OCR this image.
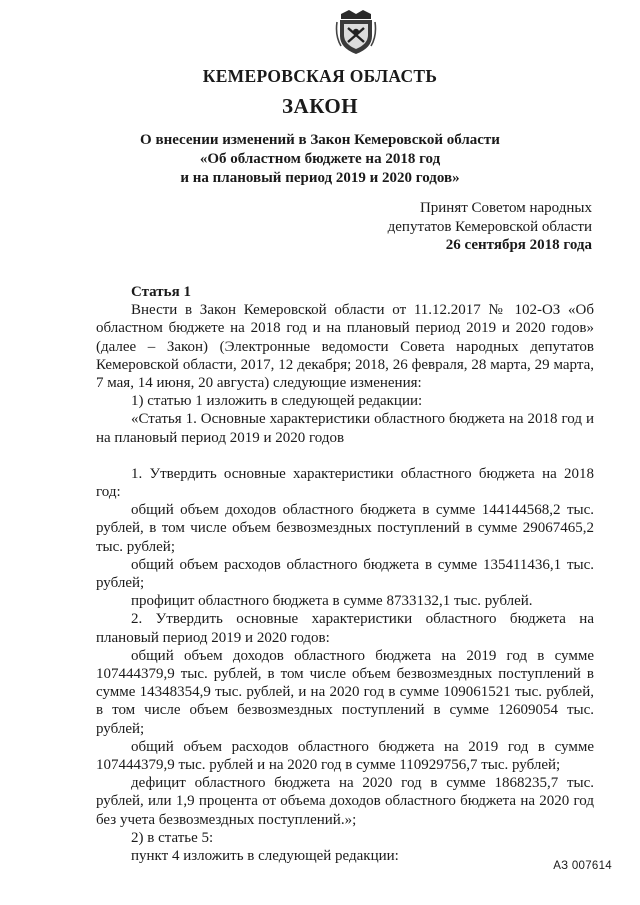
КЕМЕРОВСКАЯ ОБЛАСТЬ
ЗАКОН
О внесении изменений в Закон Кемеровской области
«Об областном бюджете на 2018 год
и на плановый период 2019 и 2020 годов»
Принят Советом народных
депутатов Кемеровской области
26 сентября 2018 года

Статья 1

Внести в Закон Кемеровской области от 11.12.2017 № 102-ОЗ «Об областном бюджете на 2018 год и на плановый период 2019 и 2020 годов» (далее – Закон) (Электронные ведомости Совета народных депутатов Кемеровской области, 2017, 12 декабря; 2018, 26 февраля, 28 марта, 29 марта, 7 мая, 14 июня, 20 августа) следующие изменения:

1) статью 1 изложить в следующей редакции:

«Статья 1. Основные характеристики областного бюджета на 2018 год и на плановый период 2019 и 2020 годов

1. Утвердить основные характеристики областного бюджета на 2018 год:

общий объем доходов областного бюджета в сумме 144144568,2 тыс. рублей, в том числе объем безвозмездных поступлений в сумме 29067465,2 тыс. рублей;

общий объем расходов областного бюджета в сумме 135411436,1 тыс. рублей;

профицит областного бюджета в сумме 8733132,1 тыс. рублей.

2. Утвердить основные характеристики областного бюджета на плановый период 2019 и 2020 годов:

общий объем доходов областного бюджета на 2019 год в сумме 107444379,9 тыс. рублей, в том числе объем безвозмездных поступлений в сумме 14348354,9 тыс. рублей, и на 2020 год в сумме 109061521 тыс. рублей, в том числе объем безвозмездных поступлений в сумме 12609054 тыс. рублей;

общий объем расходов областного бюджета на 2019 год в сумме 107444379,9 тыс. рублей и на 2020 год в сумме 110929756,7 тыс. рублей;

дефицит областного бюджета на 2020 год в сумме 1868235,7 тыс. рублей, или 1,9 процента от объема доходов областного бюджета на 2020 год без учета безвозмездных поступлений.»;

2) в статье 5:

пункт 4 изложить в следующей редакции:

АЗ 007614
